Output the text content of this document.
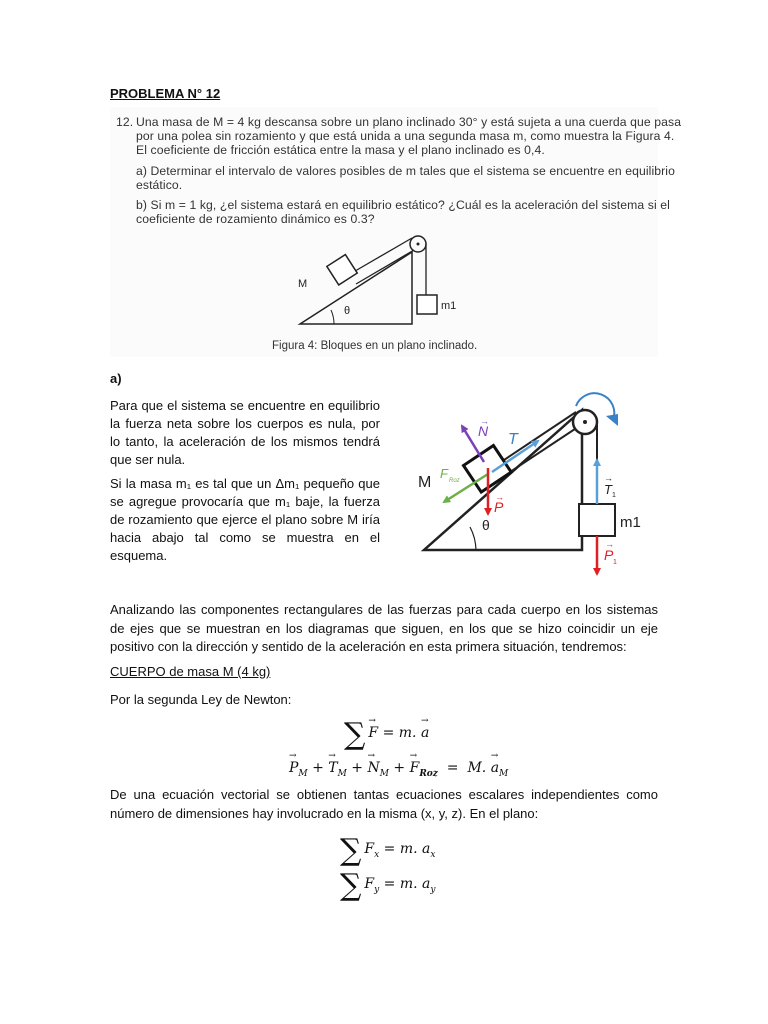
PROBLEMA N° 12
12. Una masa de M = 4 kg descansa sobre un plano inclinado 30° y está sujeta a una cuerda que pasa
por una polea sin rozamiento y que está unida a una segunda masa m, como muestra la Figura 4.
El coeficiente de fricción estática entre la masa y el plano inclinado es 0,4.
a) Determinar el intervalo de valores posibles de m tales que el sistema se encuentre en equilibrio
estático.
b) Si m = 1 kg, ¿el sistema estará en equilibrio estático? ¿Cuál es la aceleración del sistema si el
coeficiente de rozamiento dinámico es 0.3?
M
m1
θ
Figura 4: Bloques en un plano inclinado.
a)
Para que el sistema se encuentre en equilibrio la fuerza neta sobre los cuerpos es nula, por lo tanto, la aceleración de los mismos tendrá que ser nula.
Si la masa m₁ es tal que un Δm₁ pequeño que se agregue provocaría que m₁ baje, la fuerza de rozamiento que ejerce el plano sobre M iría hacia abajo tal como se muestra en el esquema.
m1
M
θ
N
→
T
F Roz
P
→	T 1
→
P 1
→
Analizando las componentes rectangulares de las fuerzas para cada cuerpo en los sistemas de ejes que se muestran en los diagramas que siguen, en los que se hizo coincidir un eje positivo con la dirección y sentido de la aceleración en esta primera situación, tendremos:
CUERPO de masa M (4 kg)
Por la segunda Ley de Newton:
∑→ F = m. → a
→ $P_M$ + → $T_M$ + → $N_M$ + → $F_{Roz} = M$. → $a_M$
De una ecuación vectorial se obtienen tantas ecuaciones escalares independientes como número de dimensiones hay involucrado en la misma (x, y, z). En el plano:
∑ $F_x = m$. $a_x$
∑ $F_y = m$. $a_y$
